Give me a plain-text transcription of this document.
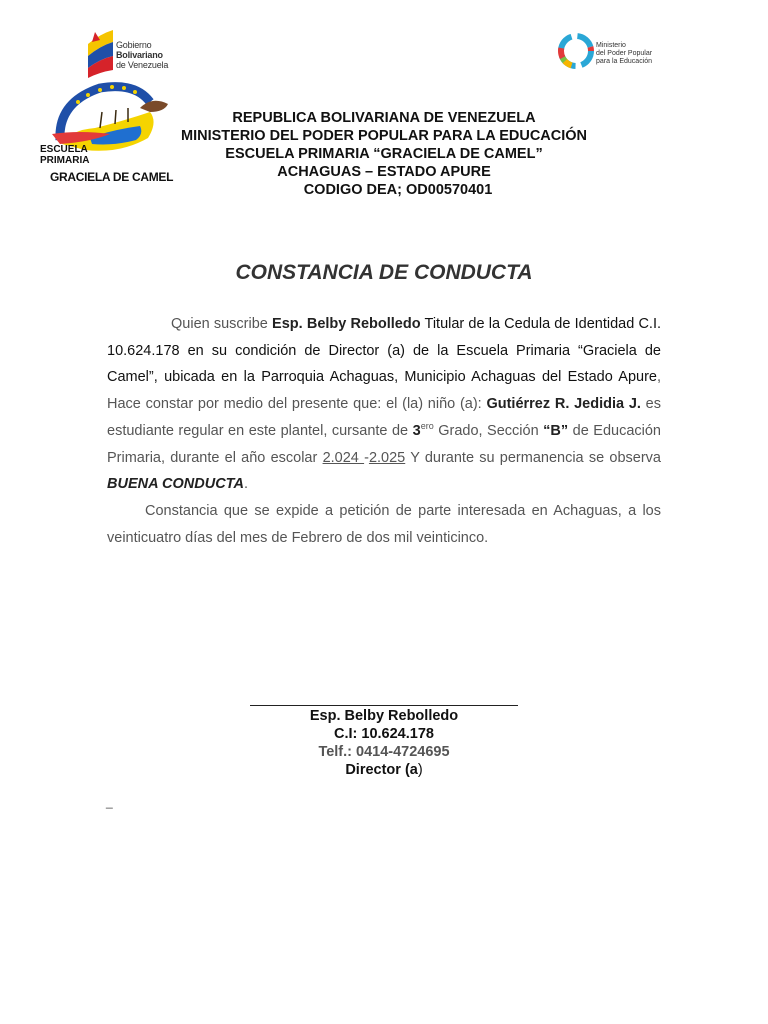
Gobierno
Bolivariano
de Venezuela
Ministerio
del Poder Popular
para la Educación
ESCUELA
PRIMARIA
GRACIELA DE CAMEL
REPUBLICA BOLIVARIANA DE VENEZUELA
MINISTERIO DEL PODER POPULAR PARA LA EDUCACIÓN
ESCUELA PRIMARIA “GRACIELA DE CAMEL”
ACHAGUAS – ESTADO APURE
CODIGO DEA; OD00570401
CONSTANCIA DE CONDUCTA

Quien suscribe Esp. Belby Rebolledo Titular de la Cedula de Identidad C.I. 10.624.178 en su condición de Director (a) de la Escuela Primaria “Graciela de Camel”, ubicada en la Parroquia Achaguas, Municipio Achaguas del Estado Apure, Hace constar por medio del presente que: el (la) niño (a): Gutiérrez R. Jedidia J. es estudiante regular en este plantel, cursante de $3^{ero}$ Grado, Sección “B” de Educación Primaria, durante el año escolar 2.024 -2.025 Y durante su permanencia se observa BUENA CONDUCTA.

Constancia que se expide a petición de parte interesada en Achaguas, a los veinticuatro días del mes de Febrero de dos mil veinticinco.

Esp. Belby Rebolledo
C.I: 10.624.178
Telf.: 0414-4724695
Director (a)
_
